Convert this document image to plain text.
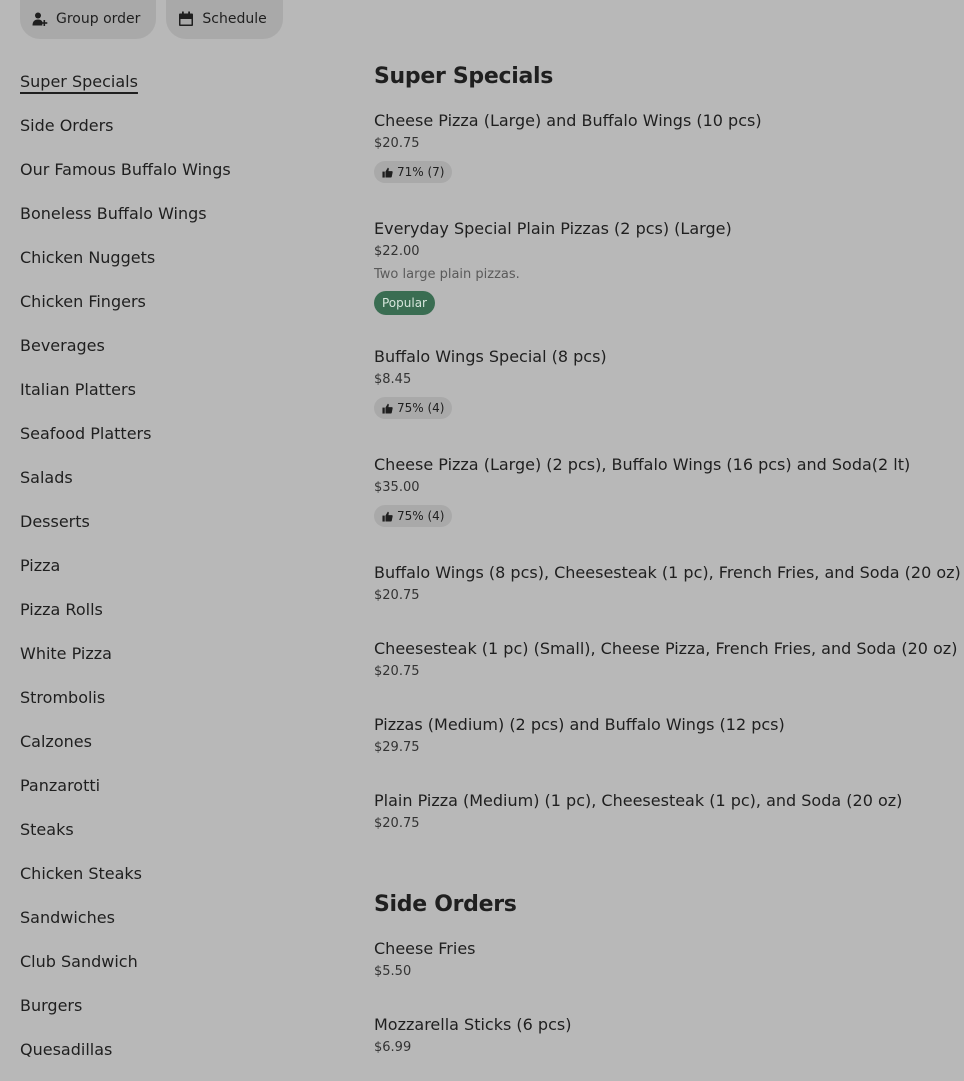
Group order	Schedule
Super Specials
Side Orders
Our Famous Buffalo Wings
Boneless Buffalo Wings
Chicken Nuggets
Chicken Fingers
Beverages
Italian Platters
Seafood Platters
Salads
Desserts
Pizza
Pizza Rolls
White Pizza
Strombolis
Calzones
Panzarotti
Steaks
Chicken Steaks
Sandwiches
Club Sandwich
Burgers
Quesadillas
Super Specials
Cheese Pizza (Large) and Buffalo Wings (10 pcs)
$20.75
71% (7)
Everyday Special Plain Pizzas (2 pcs) (Large)
$22.00
Two large plain pizzas.
Popular
Buffalo Wings Special (8 pcs)
$8.45
75% (4)
Cheese Pizza (Large) (2 pcs), Buffalo Wings (16 pcs) and Soda(2 lt)
$35.00
75% (4)
Buffalo Wings (8 pcs), Cheesesteak (1 pc), French Fries, and Soda (20 oz)
$20.75
Cheesesteak (1 pc) (Small), Cheese Pizza, French Fries, and Soda (20 oz)
$20.75
Pizzas (Medium) (2 pcs) and Buffalo Wings (12 pcs)
$29.75
Plain Pizza (Medium) (1 pc), Cheesesteak (1 pc), and Soda (20 oz)
$20.75
Side Orders
Cheese Fries
$5.50
Mozzarella Sticks (6 pcs)
$6.99
